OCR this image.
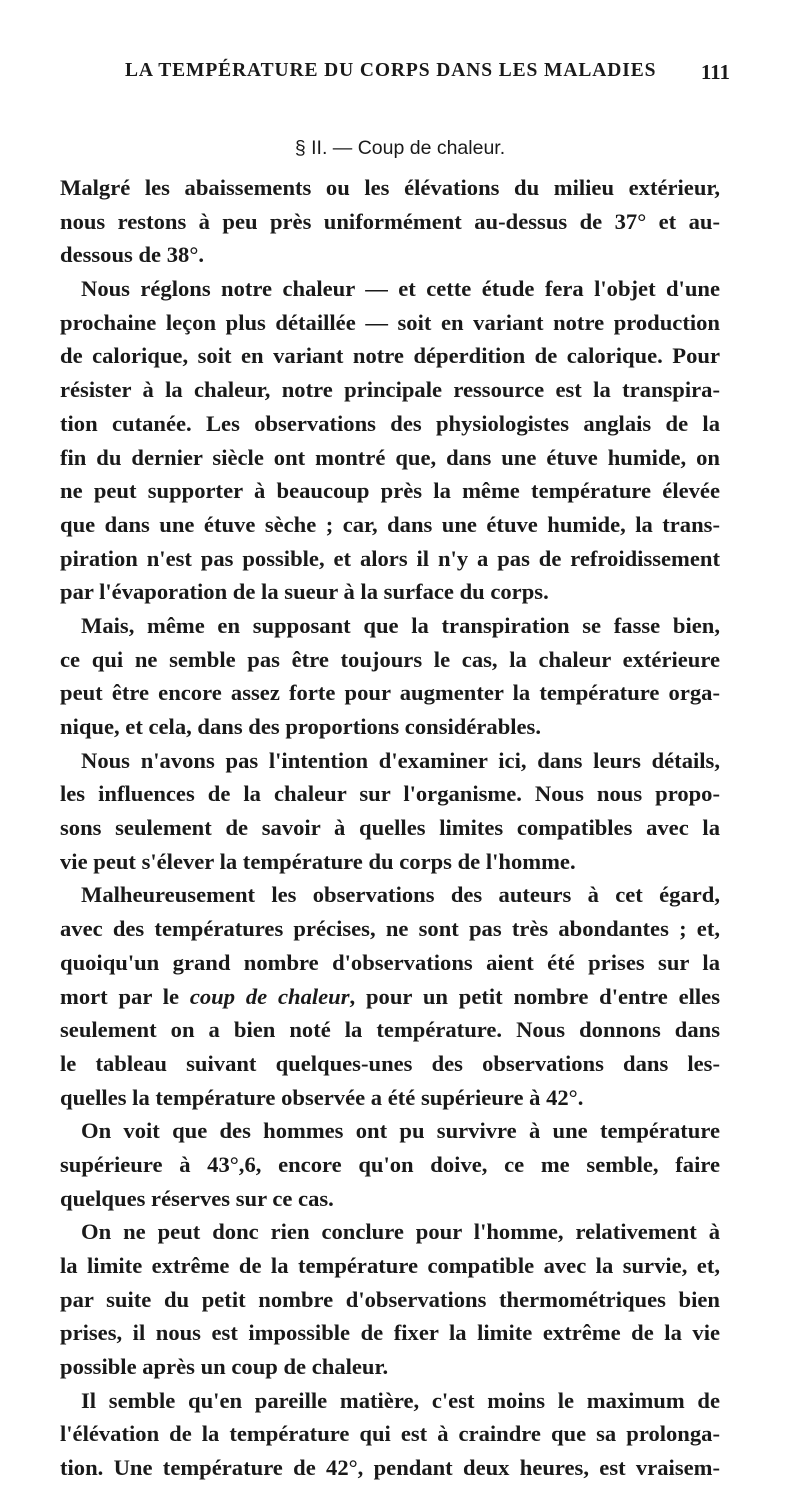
LA TEMPÉRATURE DU CORPS DANS LES MALADIES 111
§ II. — Coup de chaleur.
Malgré les abaissements ou les élévations du milieu extérieur,
nous restons à peu près uniformément au-dessus de 37° et au-
dessous de 38°.
Nous réglons notre chaleur — et cette étude fera l'objet d'une
prochaine leçon plus détaillée — soit en variant notre production
de calorique, soit en variant notre déperdition de calorique. Pour
résister à la chaleur, notre principale ressource est la transpira-
tion cutanée. Les observations des physiologistes anglais de la
fin du dernier siècle ont montré que, dans une étuve humide, on
ne peut supporter à beaucoup près la même température élevée
que dans une étuve sèche ; car, dans une étuve humide, la trans-
piration n'est pas possible, et alors il n'y a pas de refroidissement
par l'évaporation de la sueur à la surface du corps.
Mais, même en supposant que la transpiration se fasse bien,
ce qui ne semble pas être toujours le cas, la chaleur extérieure
peut être encore assez forte pour augmenter la température orga-
nique, et cela, dans des proportions considérables.
Nous n'avons pas l'intention d'examiner ici, dans leurs détails,
les influences de la chaleur sur l'organisme. Nous nous propo-
sons seulement de savoir à quelles limites compatibles avec la
vie peut s'élever la température du corps de l'homme.
Malheureusement les observations des auteurs à cet égard,
avec des températures précises, ne sont pas très abondantes ; et,
quoiqu'un grand nombre d'observations aient été prises sur la
mort par le coup de chaleur, pour un petit nombre d'entre elles
seulement on a bien noté la température. Nous donnons dans
le tableau suivant quelques-unes des observations dans les-
quelles la température observée a été supérieure à 42°.
On voit que des hommes ont pu survivre à une température
supérieure à 43°,6, encore qu'on doive, ce me semble, faire
quelques réserves sur ce cas.
On ne peut donc rien conclure pour l'homme, relativement à
la limite extrême de la température compatible avec la survie, et,
par suite du petit nombre d'observations thermométriques bien
prises, il nous est impossible de fixer la limite extrême de la vie
possible après un coup de chaleur.
Il semble qu'en pareille matière, c'est moins le maximum de
l'élévation de la température qui est à craindre que sa prolonga-
tion. Une température de 42°, pendant deux heures, est vraisem-
